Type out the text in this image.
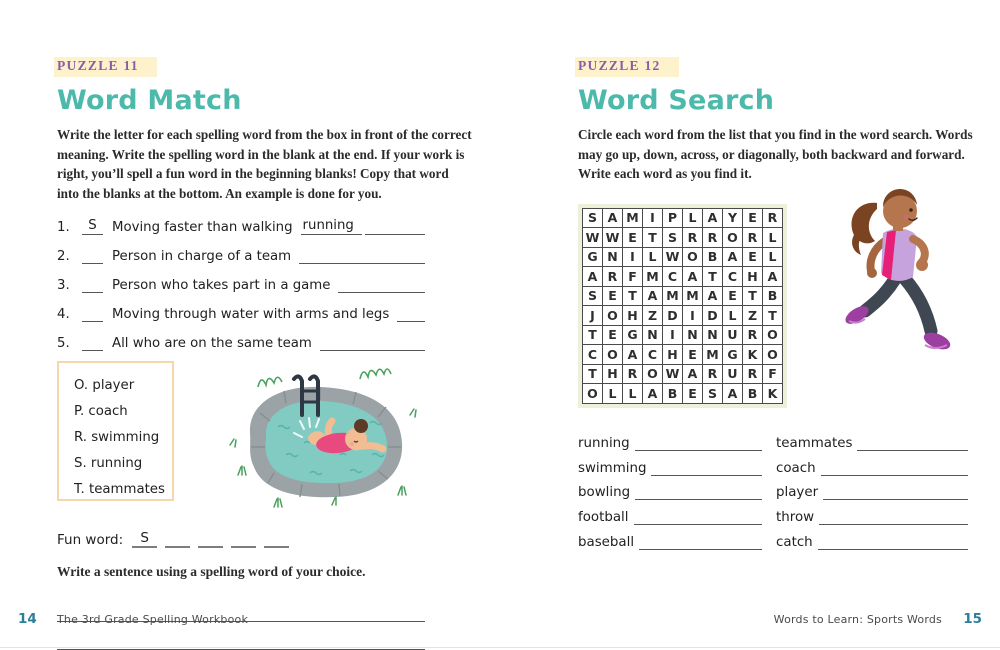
PUZZLE 11
Word Match

Write the letter for each spelling word from the box in front of the correct meaning. Write the spelling word in the blank at the end. If your work is right, you’ll spell a fun word in the beginning blanks! Copy that word into the blanks at the bottom. An example is done for you.

1.	S	Moving faster than walking running
2.	Person in charge of a team
3.	Person who takes part in a game
4.	Moving through water with arms and legs
5.	All who are on the same team
O. player
P. coach
R. swimming
S. running
T. teammates
Fun word:	S

Write a sentence using a spelling word of your choice.

PUZZLE 12
Word Search

Circle each word from the list that you find in the word search. Words may go up, down, across, or diagonally, both backward and forward. Write each word as you find it.

S	A	M	I	P	L	A	Y	E	R
W	W	E	T	S	R	R	O	R	L
G	N	I	L	W	O	B	A	E	L
A	R	F	M	C	A	T	C	H	A
S	E	T	A	M	M	A	E	T	B
J	O	H	Z	D	I	D	L	Z	T
T	E	G	N	I	N	N	U	R	O
C	O	A	C	H	E	M	G	K	O
T	H	R	O	W	A	R	U	R	F
O	L	L	A	B	E	S	A	B	K
running
swimming
bowling
football
baseball
teammates
coach
player
throw
catch
14 The 3rd Grade Spelling Workbook	Words to Learn: Sports Words 15
